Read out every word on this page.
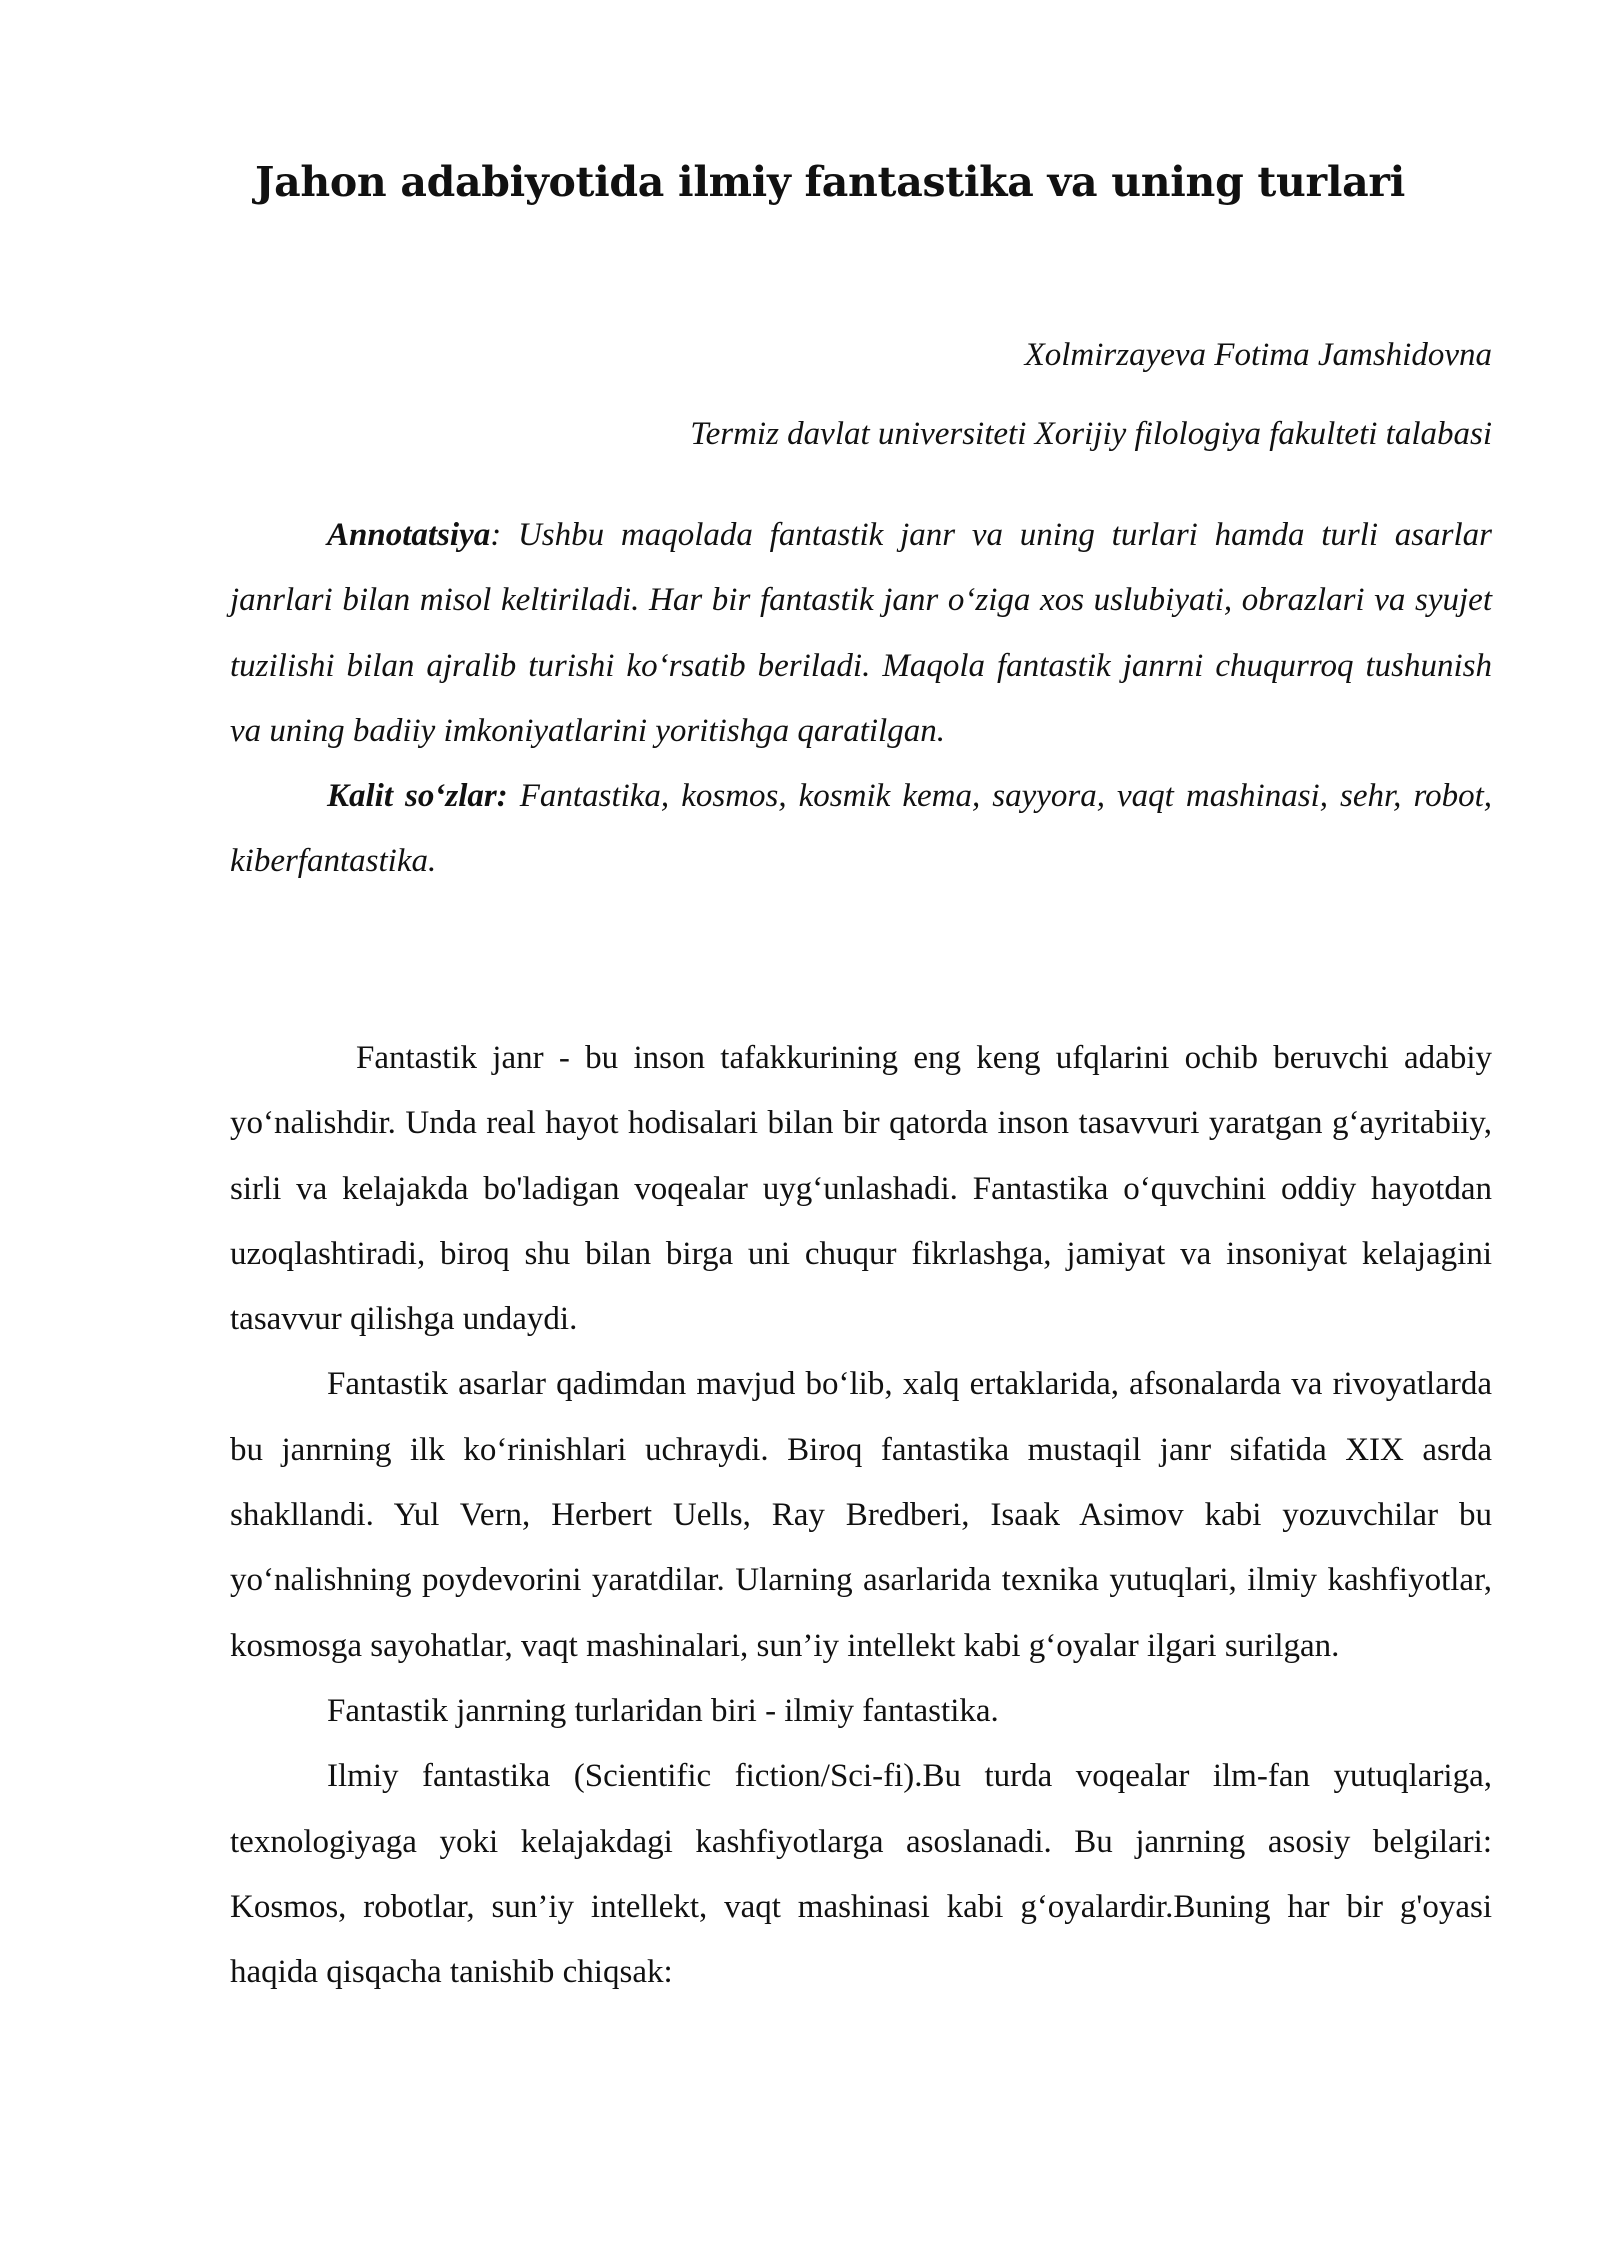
Jahon adabiyotida ilmiy fantastika va uning turlari
Xolmirzayeva Fotima Jamshidovna
Termiz davlat universiteti Xorijiy filologiya fakulteti talabasi

Annotatsiya: Ushbu maqolada fantastik janr va uning turlari hamda turli asarlar janrlari bilan misol keltiriladi. Har bir fantastik janr o‘ziga xos uslubiyati, obrazlari va syujet tuzilishi bilan ajralib turishi ko‘rsatib beriladi. Maqola fantastik janrni chuqurroq tushunish va uning badiiy imkoniyatlarini yoritishga qaratilgan.

Kalit so‘zlar: Fantastika, kosmos, kosmik kema, sayyora, vaqt mashinasi, sehr, robot, kiberfantastika.

Fantastik janr - bu inson tafakkurining eng keng ufqlarini ochib beruvchi adabiy yo‘nalishdir. Unda real hayot hodisalari bilan bir qatorda inson tasavvuri yaratgan g‘ayritabiiy, sirli va kelajakda bo'ladigan voqealar uyg‘unlashadi. Fantastika o‘quvchini oddiy hayotdan uzoqlashtiradi, biroq shu bilan birga uni chuqur fikrlashga, jamiyat va insoniyat kelajagini tasavvur qilishga undaydi.

Fantastik asarlar qadimdan mavjud bo‘lib, xalq ertaklarida, afsonalarda va rivoyatlarda bu janrning ilk ko‘rinishlari uchraydi. Biroq fantastika mustaqil janr sifatida XIX asrda shakllandi. Yul Vern, Herbert Uells, Ray Bredberi, Isaak Asimov kabi yozuvchilar bu yo‘nalishning poydevorini yaratdilar. Ularning asarlarida texnika yutuqlari, ilmiy kashfiyotlar, kosmosga sayohatlar, vaqt mashinalari, sun’iy intellekt kabi g‘oyalar ilgari surilgan.

Fantastik janrning turlaridan biri - ilmiy fantastika.

Ilmiy fantastika (Scientific fiction/Sci-fi).Bu turda voqealar ilm-fan yutuqlariga, texnologiyaga yoki kelajakdagi kashfiyotlarga asoslanadi. Bu janrning asosiy belgilari: Kosmos, robotlar, sun’iy intellekt, vaqt mashinasi kabi g‘oyalardir.Buning har bir g'oyasi haqida qisqacha tanishib chiqsak:
